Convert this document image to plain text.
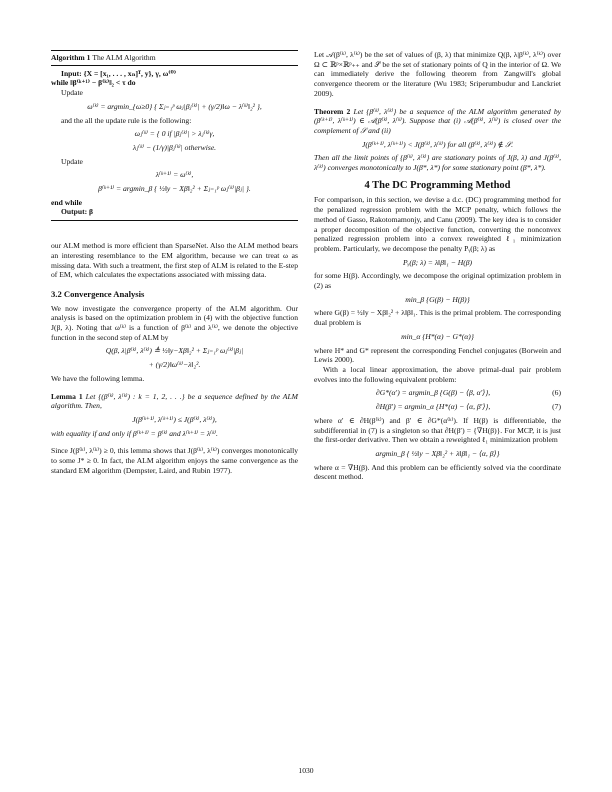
Algorithm 1 The ALM Algorithm
Input: {X = [x₁, . . . , xₙ]ᵀ, y}, γ, ω⁽⁰⁾
while ‖β⁽ᵏ⁺¹⁾ − β⁽ᵏ⁾‖₂ < τ do
Update
ω⁽ᵏ⁾ = argmin_{ω≥0} { Σⱼ₌₁ᵖ ωⱼ|βⱼ⁽ᵏ⁾| + (γ/2)‖ω − λ⁽ᵏ⁾‖₂² },
and the all the update rule is the following:
ωⱼ⁽ᵏ⁾ = { 0 if |βⱼ⁽ᵏ⁾| > λⱼ⁽ᵏ⁾γ,
λⱼ⁽ᵏ⁾ − (1/γ)|βⱼ⁽ᵏ⁾| otherwise.
Update
λ⁽ᵏ⁺¹⁾ = ω⁽ᵏ⁾,
β⁽ᵏ⁺¹⁾ = argmin_β { ½‖y − Xβ‖₂² + Σⱼ₌₁ᵖ ωⱼ⁽ᵏ⁾|βⱼ| }.
end while
Output: β

our ALM method is more efficient than SparseNet. Also the ALM method bears an interesting resemblance to the EM algorithm, because we can treat ω as missing data. With such a treatment, the first step of ALM is related to the E-step of EM, which calculates the expectations associated with missing data.

3.2 Convergence Analysis

We now investigate the convergence property of the ALM algorithm. Our analysis is based on the optimization problem in (4) with the objective function J(β, λ). Noting that ω⁽ᵏ⁾ is a function of β⁽ᵏ⁾ and λ⁽ᵏ⁾, we denote the objective function in the second step of ALM by

Q(β, λ|β⁽ᵏ⁾, λ⁽ᵏ⁾) ≜ ½‖y−Xβ‖₂² + Σⱼ₌₁ᵖ ωⱼ⁽ᵏ⁾|βⱼ|
+ (γ/2)‖ω⁽ᵏ⁾−λ‖₂².

We have the following lemma.

Lemma 1 Let {(β⁽ᵏ⁾, λ⁽ᵏ⁾) : k = 1, 2, . . .} be a sequence defined by the ALM algorithm. Then,
J(β⁽ᵏ⁺¹⁾, λ⁽ᵏ⁺¹⁾) ≤ J(β⁽ᵏ⁾, λ⁽ᵏ⁾),
with equality if and only if β⁽ᵏ⁺¹⁾ = β⁽ᵏ⁾ and λ⁽ᵏ⁺¹⁾ = λ⁽ᵏ⁾.

Since J(β⁽ᵏ⁾, λ⁽ᵏ⁾) ≥ 0, this lemma shows that J(β⁽ᵏ⁾, λ⁽ᵏ⁾) converges monotonically to some J* ≥ 0. In fact, the ALM algorithm enjoys the same convergence as the standard EM algorithm (Dempster, Laird, and Rubin 1977).

Let 𝒜(β⁽ᵏ⁾, λ⁽ᵏ⁾) be the set of values of (β, λ) that minimize Q(β, λ|β⁽ᵏ⁾, λ⁽ᵏ⁾) over Ω ⊂ ℝᵖ×ℝᵖ₊₊ and 𝒮 be the set of stationary points of Q in the interior of Ω. We can immediately derive the following theorem from Zangwill's global convergence theorem or the literature (Wu 1983; Sriperumbudur and Lanckriet 2009).

Theorem 2 Let {β⁽ᵏ⁾, λ⁽ᵏ⁾} be a sequence of the ALM algorithm generated by (β⁽ᵏ⁺¹⁾, λ⁽ᵏ⁺¹⁾) ∈ 𝒜(β⁽ᵏ⁾, λ⁽ᵏ⁾). Suppose that (i) 𝒜(β⁽ᵏ⁾, λ⁽ᵏ⁾) is closed over the complement of 𝒮 and (ii)
J(β⁽ᵏ⁺¹⁾, λ⁽ᵏ⁺¹⁾) < J(β⁽ᵏ⁾, λ⁽ᵏ⁾) for all (β⁽ᵏ⁾, λ⁽ᵏ⁾) ∉ 𝒮.
Then all the limit points of {β⁽ᵏ⁾, λ⁽ᵏ⁾} are stationary points of J(β, λ) and J(β⁽ᵏ⁾, λ⁽ᵏ⁾) converges monotonically to J(β*, λ*) for some stationary point (β*, λ*).
4 The DC Programming Method

For comparison, in this section, we devise a d.c. (DC) programming method for the penalized regression problem with the MCP penalty, which follows the method of Gasso, Rakotomamonjy, and Canu (2009). The key idea is to consider a proper decomposition of the objective function, converting the nonconvex penalized regression problem into a convex reweighted ℓ₁ minimization problem. Particularly, we decompose the penalty Pᵧ(β; λ) as

Pᵧ(β; λ) = λ‖β‖₁ − H(β)

for some H(β). Accordingly, we decompose the original optimization problem in (2) as

min_β {G(β) − H(β)}

where G(β) = ½‖y − Xβ‖₂² + λ‖β‖₁. This is the primal problem. The corresponding dual problem is

min_α {H*(α) − G*(α)}

where H* and G* represent the corresponding Fenchel conjugates (Borwein and Lewis 2000).

With a local linear approximation, the above primal-dual pair problem evolves into the following equivalent problem:

∂G*(α′) = argmin_β {G(β) − ⟨β, α′⟩},	(6)
∂H(β′) = argmin_α {H*(α) − ⟨α, β′⟩},	(7)

where α′ ∈ ∂H(β⁽ᵏ⁾) and β′ ∈ ∂G*(α⁽ᵏ⁾). If H(β) is differentiable, the subdifferential in (7) is a singleton so that ∂H(β′) = {∇H(β)}. For MCP, it is just the first-order derivative. Then we obtain a reweighted ℓ₁ minimization problem

argmin_β { ½‖y − Xβ‖₂² + λ‖β‖₁ − ⟨α, β⟩}

where α = ∇H(β). And this problem can be efficiently solved via the coordinate descent method.

1030
